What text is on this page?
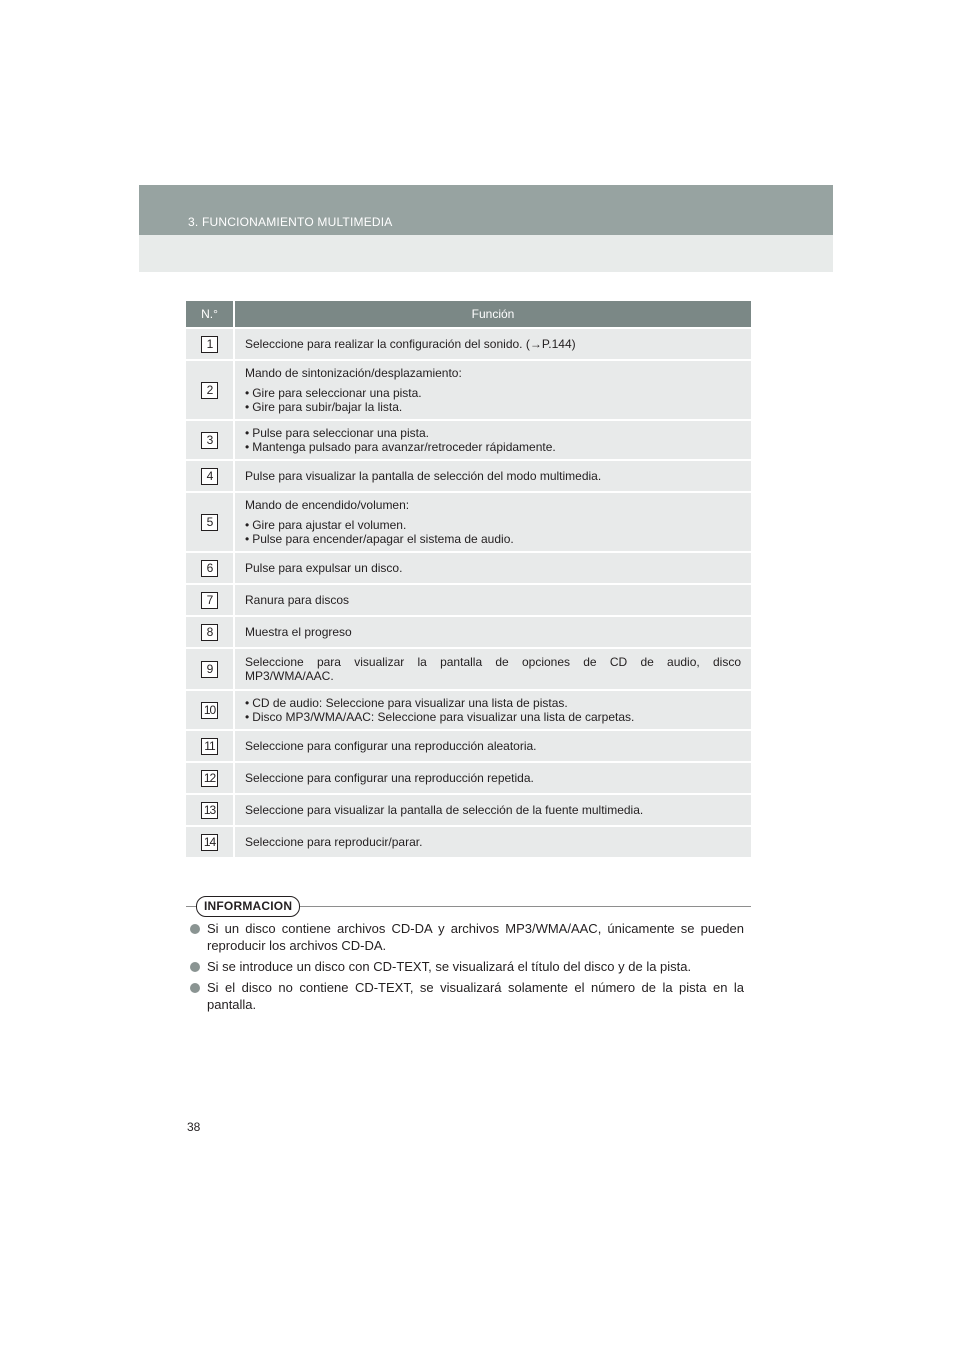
3. FUNCIONAMIENTO MULTIMEDIA
N.°	Función
1	Seleccione para realizar la configuración del sonido. (→P.144)

2	Mando de sintonización/desplazamiento:
• Gire para seleccionar una pista.
• Gire para subir/bajar la lista.

3	• Pulse para seleccionar una pista.
• Mantenga pulsado para avanzar/retroceder rápidamente.

4	Pulse para visualizar la pantalla de selección del modo multimedia.

5	Mando de encendido/volumen:
• Gire para ajustar el volumen.
• Pulse para encender/apagar el sistema de audio.

6	Pulse para expulsar un disco.

7	Ranura para discos

8	Muestra el progreso

9	Seleccione para visualizar la pantalla de opciones de CD de audio, disco
MP3/WMA/AAC.

10	• CD de audio: Seleccione para visualizar una lista de pistas.
• Disco MP3/WMA/AAC: Seleccione para visualizar una lista de carpetas.

11	Seleccione para configurar una reproducción aleatoria.

12	Seleccione para configurar una reproducción repetida.

13	Seleccione para visualizar la pantalla de selección de la fuente multimedia.

14	Seleccione para reproducir/parar.
INFORMACION
Si un disco contiene archivos CD-DA y archivos MP3/WMA/AAC, únicamente se pueden reproducir los archivos CD-DA.
Si se introduce un disco con CD-TEXT, se visualizará el título del disco y de la pista.
Si el disco no contiene CD-TEXT, se visualizará solamente el número de la pista en la pantalla.
38
